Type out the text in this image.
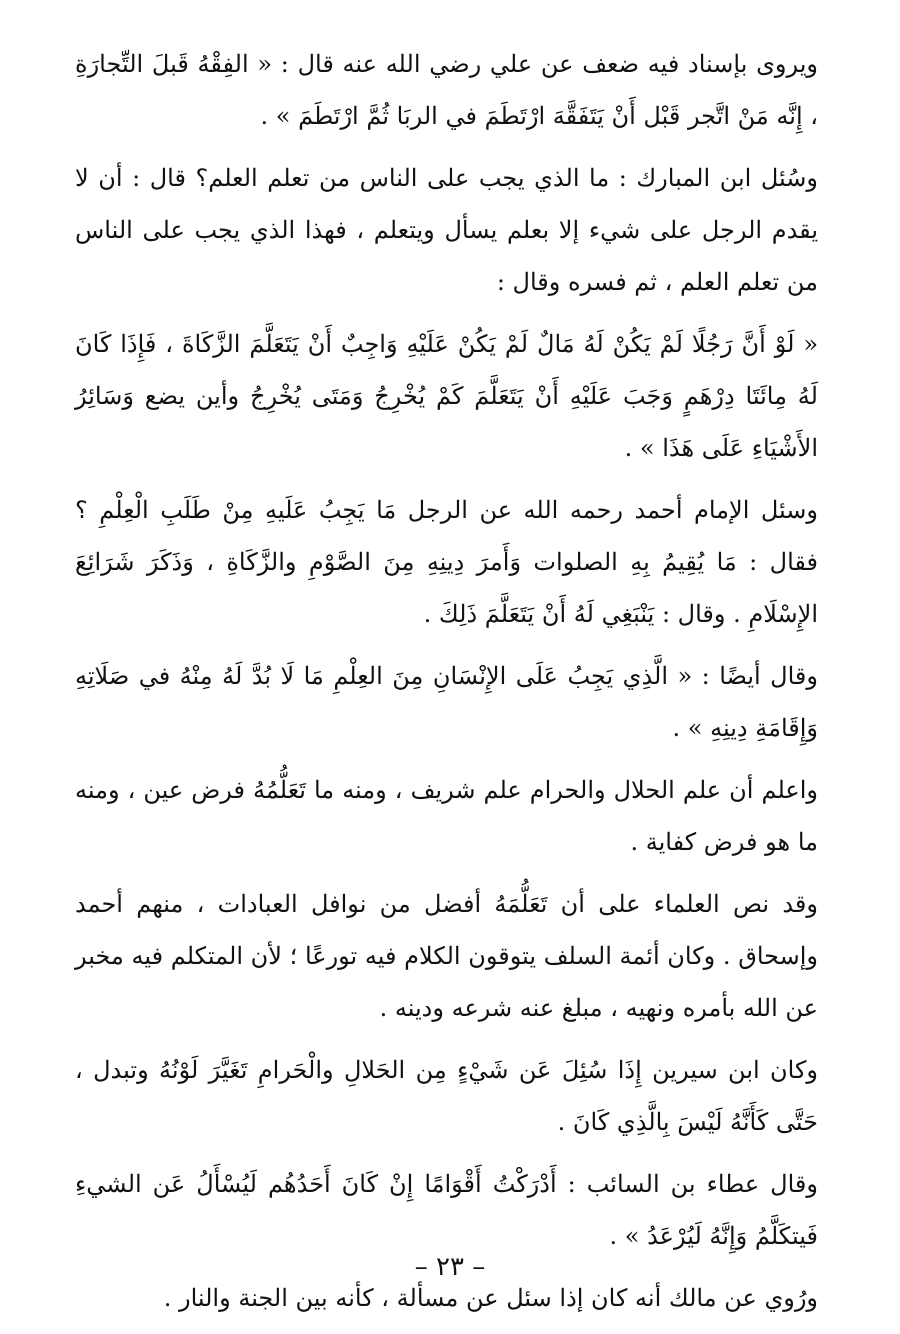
ويروى بإسناد فيه ضعف عن علي رضي الله عنه قال : « الفِقْهُ قَبلَ التِّجارَةِ ، إِنَّه مَنْ اتَّجر قَبْل أَنْ يَتَفَقَّهَ ارْتَطَمَ في الربَا ثُمَّ ارْتَطَمَ » .

وسُئل ابن المبارك : ما الذي يجب على الناس من تعلم العلم؟ قال : أن لا يقدم الرجل على شيء إلا بعلم يسأل ويتعلم ، فهذا الذي يجب على الناس من تعلم العلم ، ثم فسره وقال :

« لَوْ أَنَّ رَجُلًا لَمْ يَكُنْ لَهُ مَالٌ لَمْ يَكُنْ عَلَيْهِ وَاجِبٌ أَنْ يَتَعَلَّمَ الزَّكَاةَ ، فَإِذَا كَانَ لَهُ مِائَتَا دِرْهَمٍ وَجَبَ عَلَيْهِ أَنْ يَتَعَلَّمَ كَمْ يُخْرِجُ وَمَتَى يُخْرِجُ وأين يضع وَسَائِرُ الأَشْيَاءِ عَلَى هَذَا » .

وسئل الإمام أحمد رحمه الله عن الرجل مَا يَجِبُ عَلَيهِ مِنْ طَلَبِ الْعِلْمِ ؟ فقال : مَا يُقِيمُ بِهِ الصلوات وَأَمرَ دِينِهِ مِنَ الصَّوْمِ والزَّكَاةِ ، وَذَكَرَ شَرَائِعَ الإِسْلَامِ . وقال : يَنْبَغِي لَهُ أَنْ يَتَعَلَّمَ ذَلِكَ .

وقال أيضًا : « الَّذِي يَجِبُ عَلَى الإِنْسَانِ مِنَ العِلْمِ مَا لَا بُدَّ لَهُ مِنْهُ في صَلَاتِهِ وَإِقَامَةِ دِينِهِ » .

واعلم أن علم الحلال والحرام علم شريف ، ومنه ما تَعَلُّمُهُ فرض عين ، ومنه ما هو فرض كفاية .

وقد نص العلماء على أن تَعَلُّمَهُ أفضل من نوافل العبادات ، منهم أحمد وإسحاق . وكان أئمة السلف يتوقون الكلام فيه تورعًا ؛ لأن المتكلم فيه مخبر عن الله بأمره ونهيه ، مبلغ عنه شرعه ودينه .

وكان ابن سيرين إِذَا سُئِلَ عَن شَيْءٍ مِن الحَلالِ والْحَرامِ تَغَيَّرَ لَوْنُهُ وتبدل ، حَتَّى كَأَنَّهُ لَيْسَ بِالَّذِي كَانَ .

وقال عطاء بن السائب : أَدْرَكْتُ أَقْوَامًا إِنْ كَانَ أَحَدُهُم لَيُسْأَلُ عَن الشيءِ فَيتكَلَّمُ وَإِنَّهُ لَيُرْعَدُ » .

ورُوي عن مالك أنه كان إذا سئل عن مسألة ، كأنه بين الجنة والنار .

– ٢٣ –
